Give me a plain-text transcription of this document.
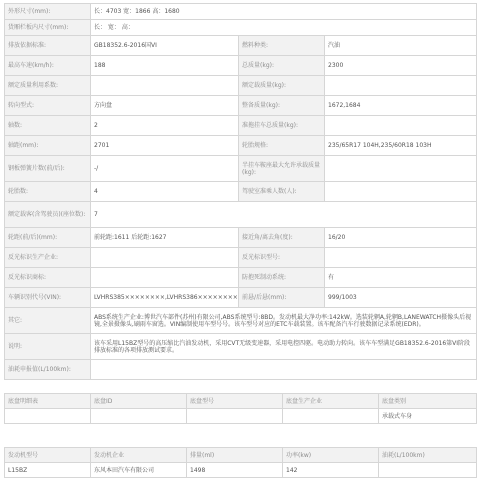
外形尺寸(mm):	长：4703 宽：1866 高：1680		
货厢栏板内尺寸(mm):	长： 宽： 高：		
排放依据标准:	GB18352.6-2016国VI	燃料种类:	汽油
最高车速(km/h):	188	总质量(kg):	2300
额定质量利用系数:		额定载质量(kg):	
转向型式:	方向盘	整备质量(kg):	1672,1684
轴数:	2	准拖挂车总质量(kg):	
轴距(mm):	2701	轮胎规格:	235/65R17 104H,235/60R18 103H
钢板弹簧片数(前/后):	-/	半挂车鞍座最大允许承载质量(kg):	
轮胎数:	4	驾驶室准乘人数(人):	
额定载客(含驾驶员)(座位数):	7		
轮距(前/后)(mm):	前轮距:1611 后轮距:1627	接近角/离去角(度):	16/20
反光标识生产企业:		反光标识型号:	
反光标识商标:		防抱死制动系统:	有
车辆识别代号(VIN):	LVHRS385××××××××,LVHRS386××××××××	前悬/后悬(mm):	999/1003
其它:	ABS系统生产企业:博世汽车部件(苏州)有限公司,ABS系统型号:8BD。发动机最大净功率:142kW。选装轮辋A,轮辋B,LANEWATCH摄像头后视镜,全景摄像头,刷雨车窗选。VIN编制使用车型号号。该车型号对应的ETC车载装置。该车配备汽车行驶数据记录系统(EDR)。		
说明:	该车采用L15BZ型号的高压缩比汽油发动机，采用CVT无级变速器，采用电控四驱。电动助力转向。该车车型满足GB18352.6-2016第VI阶段排放标准的各项排放测试要求。		
油耗申报值(L/100km):			
底盘明细表	底盘ID	底盘型号	底盘生产企业	底盘类别
				承载式车身
发动机型号	发动机企业	排量(ml)	功率(kw)	油耗(L/100km)
L15BZ	东风本田汽车有限公司	1498	142	
